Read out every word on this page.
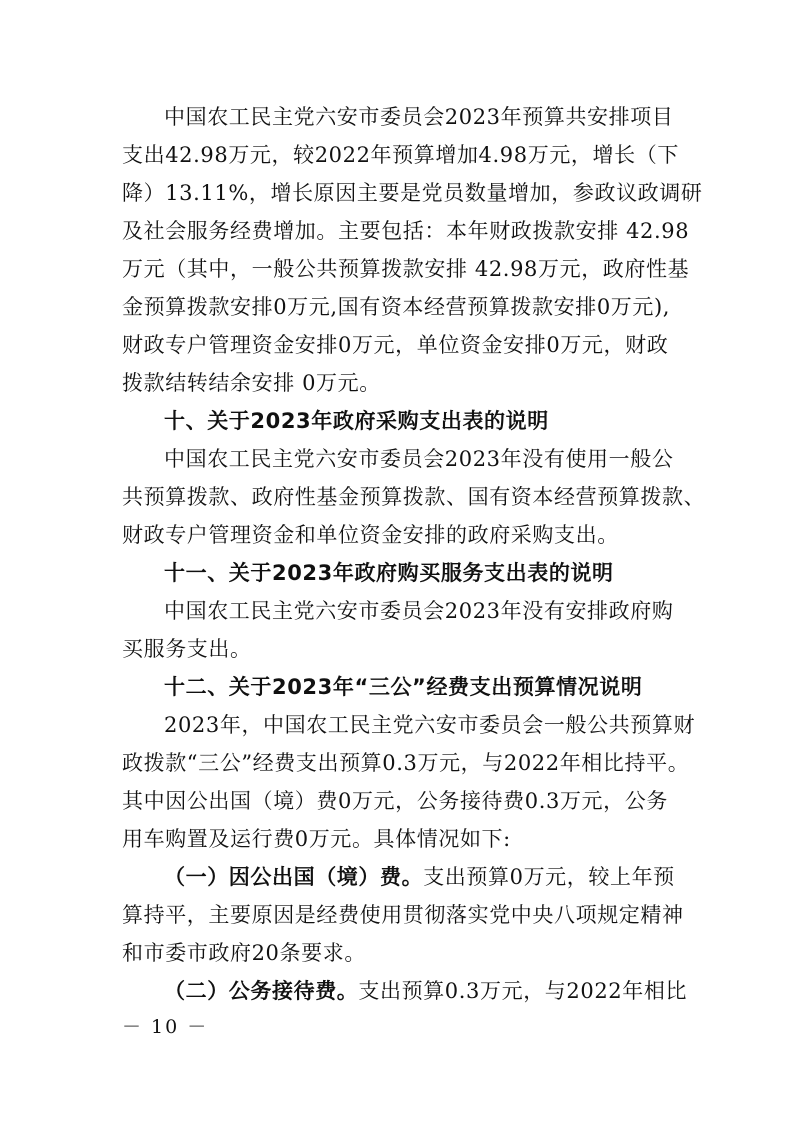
中国农工民主党六安市委员会2023年预算共安排项目
支出42.98万元，较2022年预算增加4.98万元，增长（下
降）13.11%，增长原因主要是党员数量增加，参政议政调研
及社会服务经费增加。主要包括：本年财政拨款安排 42.98
万元（其中，一般公共预算拨款安排 42.98万元，政府性基
金预算拨款安排0万元,国有资本经营预算拨款安排0万元),
财政专户管理资金安排0万元，单位资金安排0万元，财政
拨款结转结余安排 0万元。
十、关于2023年政府采购支出表的说明
中国农工民主党六安市委员会2023年没有使用一般公
共预算拨款、政府性基金预算拨款、国有资本经营预算拨款、
财政专户管理资金和单位资金安排的政府采购支出。
十一、关于2023年政府购买服务支出表的说明
中国农工民主党六安市委员会2023年没有安排政府购
买服务支出。
十二、关于2023年“三公”经费支出预算情况说明
2023年，中国农工民主党六安市委员会一般公共预算财
政拨款“三公”经费支出预算0.3万元，与2022年相比持平。
其中因公出国（境）费0万元，公务接待费0.3万元，公务
用车购置及运行费0万元。具体情况如下:
（一）因公出国（境）费。支出预算0万元，较上年预
算持平，主要原因是经费使用贯彻落实党中央八项规定精神
和市委市政府20条要求。
（二）公务接待费。支出预算0.3万元，与2022年相比
－ 10 －
